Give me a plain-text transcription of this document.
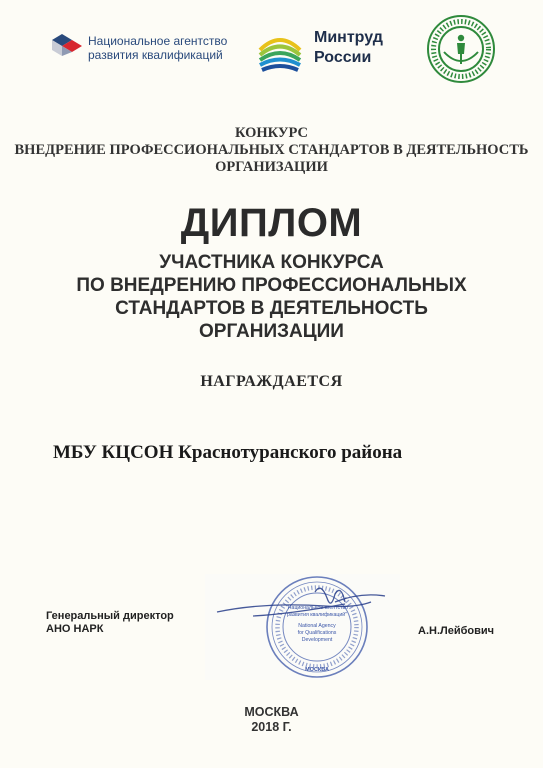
Национальное агентство
развития квалификаций
Минтруд
России
КОНКУРС
ВНЕДРЕНИЕ ПРОФЕССИОНАЛЬНЫХ СТАНДАРТОВ В ДЕЯТЕЛЬНОСТЬ
ОРГАНИЗАЦИИ
ДИПЛОМ
УЧАСТНИКА КОНКУРСА
ПО ВНЕДРЕНИЮ ПРОФЕССИОНАЛЬНЫХ
СТАНДАРТОВ В ДЕЯТЕЛЬНОСТЬ
ОРГАНИЗАЦИИ
НАГРАЖДАЕТСЯ
МБУ КЦСОН Краснотуранского района
"Национальное агентство
развития квалификаций"
National Agency
for Qualifications
Development
МОСКВА
Генеральный директор
АНО НАРК	А.Н.Лейбович
МОСКВА
2018 Г.
